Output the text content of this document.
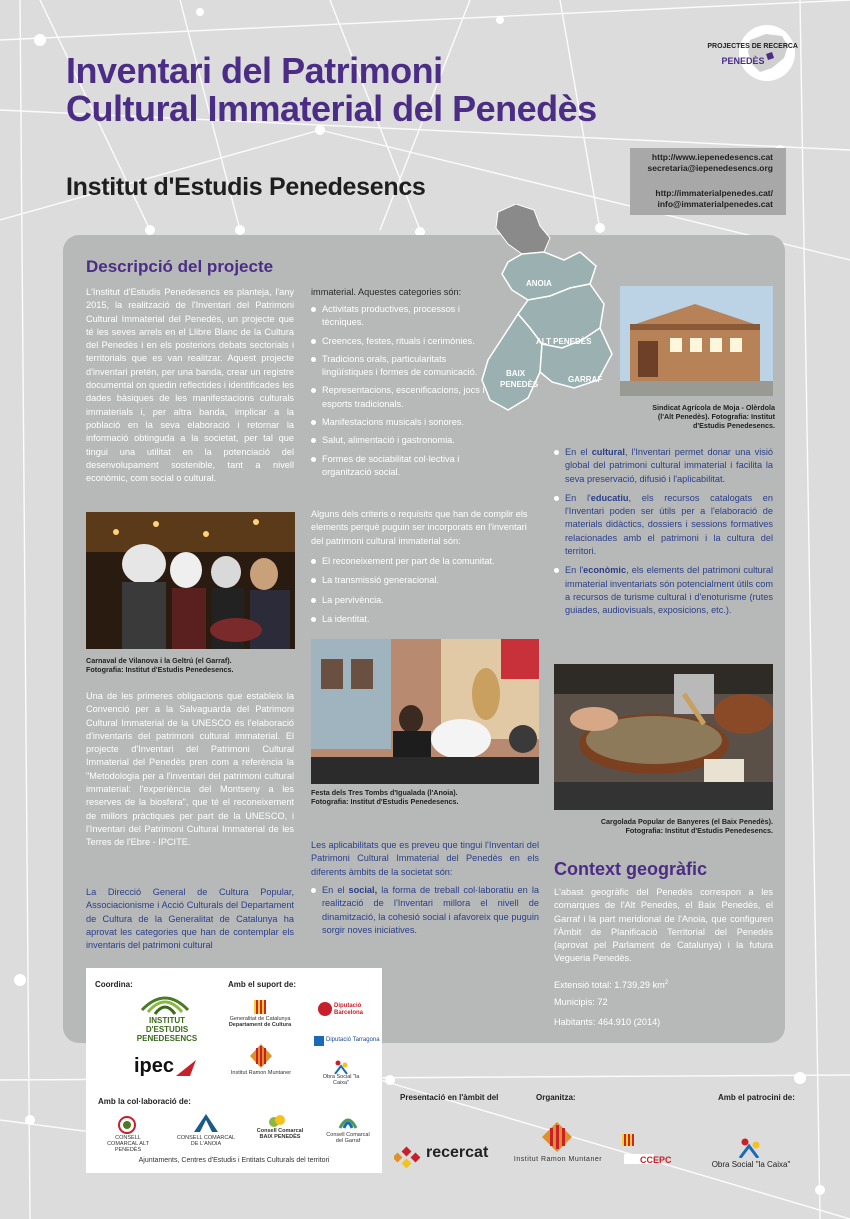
Inventari del Patrimoni
Cultural Immaterial del Penedès
Institut d'Estudis Penedesencs
PROJECTES DE RECERCA
PENEDÈS
http://www.iepenedesencs.cat
secretaria@iepenedesencs.org
http://immaterialpenedes.cat/
info@immaterialpenedes.cat
ANOIA
ALT PENEDÈS
BAIX
PENEDÈS
GARRAF
Descripció del projecte
L'Institut d'Estudis Penedesencs es planteja, l'any 2015, la realització de l'Inventari del Patrimoni Cultural Immaterial del Penedès, un projecte que té les seves arrels en el Llibre Blanc de la Cultura del Penedès i en els posteriors debats sectorials i territorials que es van realitzar. Aquest projecte d'inventari pretén, per una banda, crear un registre documental on quedin reflectides i identificades les dades bàsiques de les manifestacions culturals immaterials i, per altra banda, implicar a la població en la seva elaboració i retornar la informació obtinguda a la societat, per tal que tingui una utilitat en la potenciació del desenvolupament sostenible, tant a nivell econòmic, com social o cultural.
Carnaval de Vilanova i la Geltrú (el Garraf).
Fotografia: Institut d'Estudis Penedesencs.
Una de les primeres obligacions que estableix la Convenció per a la Salvaguarda del Patrimoni Cultural Immaterial de la UNESCO és l'elaboració d'inventaris del patrimoni cultural immaterial. El projecte d'Inventari del Patrimoni Cultural Immaterial del Penedès pren com a referència la "Metodologia per a l'inventari del patrimoni cultural immaterial: l'experiència del Montseny a les reserves de la biosfera", que té el reconeixement de millors pràctiques per part de la UNESCO, i l'Inventari del Patrimoni Cultural Immaterial de les Terres de l'Ebre - IPCITE.
La Direcció General de Cultura Popular, Associacionisme i Acció Culturals del Departament de Cultura de la Generalitat de Catalunya ha aprovat les categories que han de contemplar els inventaris del patrimoni cultural
immaterial. Aquestes categories són:
Activitats productives, processos i tècniques.
Creences, festes, rituals i cerimònies.
Tradicions orals, particularitats lingüístiques i formes de comunicació.
Representacions, escenificacions, jocs i esports tradicionals.
Manifestacions musicals i sonores.
Salut, alimentació i gastronomia.
Formes de sociabilitat col·lectiva i organització social.
Alguns dels criteris o requisits que han de complir els elements perquè puguin ser incorporats en l'inventari del patrimoni cultural immaterial són:
El reconeixement per part de la comunitat.
La transmissió generacional.
La pervivència.
La identitat.
Festa dels Tres Tombs d'Igualada (l'Anoia).
Fotografia: Institut d'Estudis Penedesencs.
Les aplicabilitats que es preveu que tingui l'Inventari del Patrimoni Cultural Immaterial del Penedès en els diferents àmbits de la societat són:
En el social, la forma de treball col·laboratiu en la realització de l'Inventari millora el nivell de dinamització, la cohesió social i afavoreix que puguin sorgir noves iniciatives.
Sindicat Agrícola de Moja - Olèrdola
(l'Alt Penedès). Fotografia: Institut
d'Estudis Penedesencs.
En el cultural, l'Inventari permet donar una visió global del patrimoni cultural immaterial i facilita la seva preservació, difusió i l'aplicabilitat.
En l'educatiu, els recursos catalogats en l'Inventari poden ser útils per a l'elaboració de materials didàctics, dossiers i sessions formatives relacionades amb el patrimoni i la cultura del territori.
En l'econòmic, els elements del patrimoni cultural immaterial inventariats són potencialment útils com a recursos de turisme cultural i d'enoturisme (rutes guiades, audiovisuals, exposicions, etc.).
Cargolada Popular de Banyeres (el Baix Penedès).
Fotografia: Institut d'Estudis Penedesencs.
Context geogràfic
L'abast geogràfic del Penedès correspon a les comarques de l'Alt Penedès, el Baix Penedès, el Garraf i la part meridional de l'Anoia, que configuren l'Àmbit de Planificació Territorial del Penedès (aprovat pel Parlament de Catalunya) i la futura Vegueria Penedès.
Extensió total: 1.739,29 $km^2$
Municipis: 72
Habitants: 464.910 (2014)
Coordina:	Amb el suport de:
INSTITUT D'ESTUDIS PENEDESENCS
ipec
Generalitat de Catalunya
Departament de Cultura
Diputació Barcelona
Diputació Tarragona
Institut Ramon Muntaner
Obra Social "la Caixa"
Amb la col·laboració de:
CONSELL COMARCAL ALT PENEDÈS
CONSELL COMARCAL DE L'ANOIA
Consell Comarcal BAIX PENEDÈS	Consell Comarcal del Garraf
Ajuntaments, Centres d'Estudis i Entitats Culturals del territori
Presentació en l'àmbit del
recercat
Organitza:
Institut Ramon Muntaner	CCEPC
Amb el patrocini de:
Obra Social "la Caixa"
